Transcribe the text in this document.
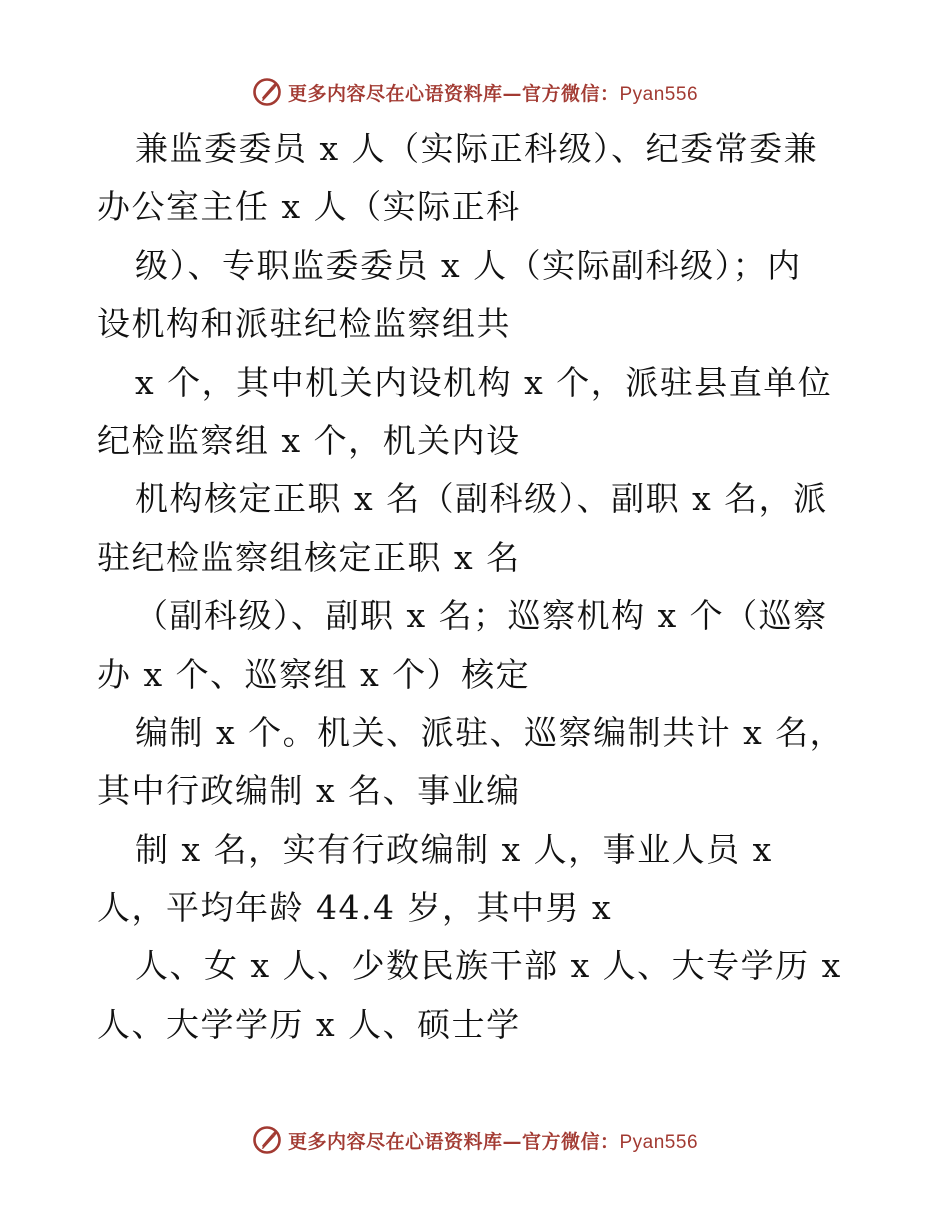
更多内容尽在心语资料库—官方微信：Pyan556
兼监委委员 x 人（实际正科级）、纪委常委兼
办公室主任 x 人（实际正科
级）、专职监委委员 x 人（实际副科级）；内
设机构和派驻纪检监察组共
x 个，其中机关内设机构 x 个，派驻县直单位
纪检监察组 x 个，机关内设
机构核定正职 x 名（副科级）、副职 x 名，派
驻纪检监察组核定正职 x 名
（副科级）、副职 x 名；巡察机构 x 个（巡察
办 x 个、巡察组 x 个）核定
编制 x 个。机关、派驻、巡察编制共计 x 名，
其中行政编制 x 名、事业编
制 x 名，实有行政编制 x 人，事业人员 x
人，平均年龄 44.4 岁，其中男 x
人、女 x 人、少数民族干部 x 人、大专学历 x
人、大学学历 x 人、硕士学
更多内容尽在心语资料库—官方微信：Pyan556
